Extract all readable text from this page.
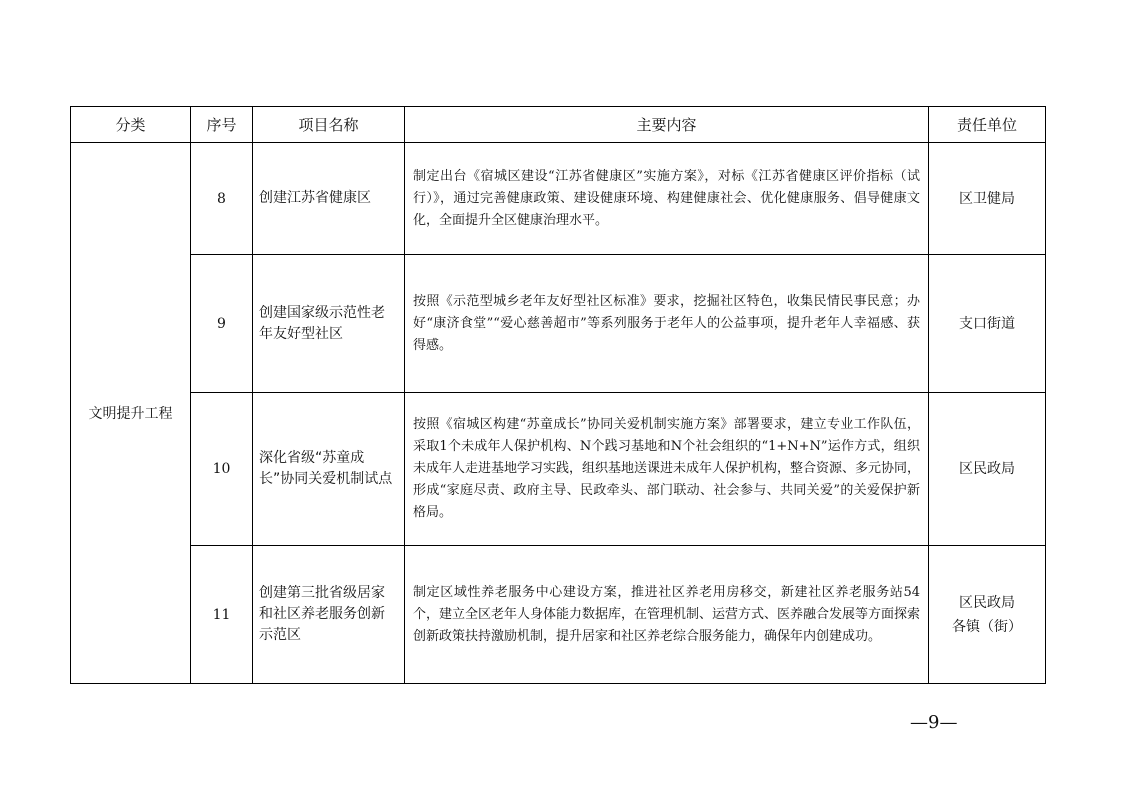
分类	序号	项目名称	主要内容	责任单位
文明提升工程	8	创建江苏省健康区	制定出台《宿城区建设“江苏省健康区”实施方案》，对标《江苏省健康区评价指标（试行）》，通过完善健康政策、建设健康环境、构建健康社会、优化健康服务、倡导健康文化，全面提升全区健康治理水平。	区卫健局

	9	创建国家级示范性老年友好型社区	按照《示范型城乡老年友好型社区标准》要求，挖掘社区特色，收集民情民事民意；办好“康济食堂”“爱心慈善超市”等系列服务于老年人的公益事项，提升老年人幸福感、获得感。	支口街道

	10	深化省级“苏童成长”协同关爱机制试点	按照《宿城区构建“苏童成长”协同关爱机制实施方案》部署要求，建立专业工作队伍，采取1个未成年人保护机构、N个践习基地和N个社会组织的“1+N+N”运作方式，组织未成年人走进基地学习实践，组织基地送课进未成年人保护机构，整合资源、多元协同，形成“家庭尽责、政府主导、民政牵头、部门联动、社会参与、共同关爱”的关爱保护新格局。	区民政局

	11	创建第三批省级居家和社区养老服务创新示范区	制定区域性养老服务中心建设方案，推进社区养老用房移交，新建社区养老服务站54个，建立全区老年人身体能力数据库，在管理机制、运营方式、医养融合发展等方面探索创新政策扶持激励机制，提升居家和社区养老综合服务能力，确保年内创建成功。	区民政局
各镇（街）
—9—
